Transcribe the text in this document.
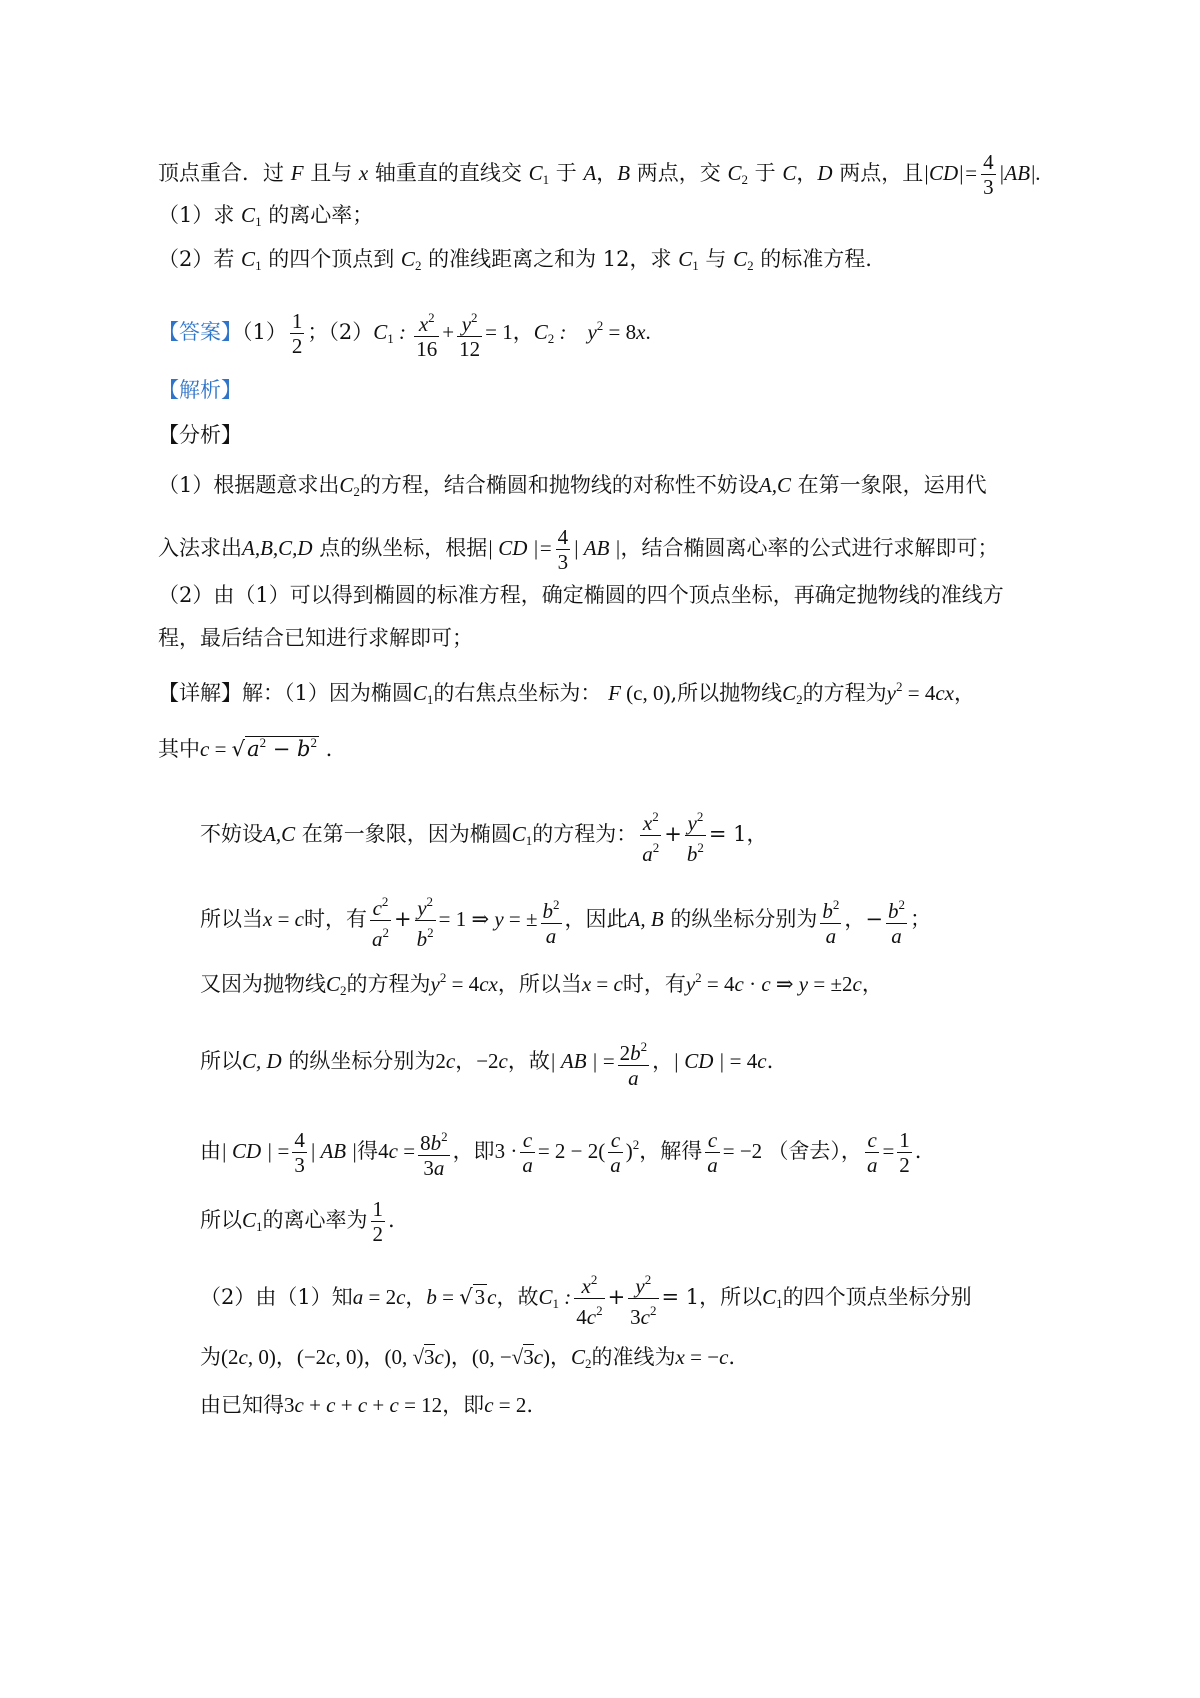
顶点重合．过 F 且与 x 轴重直的直线交 $C_1$ 于 A，B 两点，交 $C_2$ 于 C，D 两点，且$|CD|= \frac{4}{3} |AB|$.
（1）求 $C_1$ 的离心率；
（2）若 $C_1$ 的四个顶点到 $C_2$ 的准线距离之和为 12，求 $C_1$ 与 $C_2$ 的标准方程.
【答案】$(1) \frac{1}{2}$ ；$(2)C_1$ : $\frac{x^2}{16} + \frac{y^2}{12} = 1$，$C_2$ :    $y^2 = 8x$.
【解析】
【分析】
（1）根据题意求出$C_2$的方程，结合椭圆和抛物线的对称性不妨设A,C 在第一象限，运用代
入法求出A,B,C,D 点的纵坐标，根据| CD |= $\frac{4}{3}$ | AB |，结合椭圆离心率的公式进行求解即可；
（2）由（1）可以得到椭圆的标准方程，确定椭圆的四个顶点坐标，再确定抛物线的准线方
程，最后结合已知进行求解即可；
【详解】解：（1）因为椭圆$C_1$的右焦点坐标为： F (c, 0),所以抛物线$C_2$的方程为$y^2 = 4cx$，
其中$c = √a^2 - b^2$ .
不妨设A,C 在第一象限，因为椭圆$C_1$的方程为： $\frac{x^2}{a^2} + \frac{y^2}{b^2} = 1$，
所以当x = c时，有 $\frac{c^2}{a^2} + \frac{y^2}{b^2} = 1$ ⇒ y = ± $\frac{b^2}{a}$ ，因此A, B 的纵坐标分别为 $\frac{b^2}{a}$ ，− $\frac{b^2}{a}$ ；
又因为抛物线$C_2$的方程为$y^2 = 4cx$，所以当x = c时，有$y^2 = 4c \cdot c$ ⇒ y = ±2c，
所以C, D 的纵坐标分别为2c，−2c，故| AB | = $\frac{2b^2}{a}$ ，| CD | = 4c.
由| CD | = $\frac{4}{3}$ | AB |得$4c = \frac{8b^2}{3a}$ ，即$3 \cdot \frac{c}{a} = 2 - 2( \frac{c}{a} )^2$，解得 $\frac{c}{a} = -2$ （舍去）， $\frac{c}{a} = \frac{1}{2}$ .
所以$C_1$的离心率为 $\frac{1}{2}$ .
（2）由（1）知a = 2c，b = √3c，故$C_1$ : $\frac{x^2}{4c^2} + \frac{y^2}{3c^2} = 1$，所以$C_1$的四个顶点坐标分别
为(2c, 0)，(−2c, 0)，(0, √3c)，(0, −√3c)，$C_2$的准线为x = −c.
由已知得3c + c + c + c = 12，即c = 2.
